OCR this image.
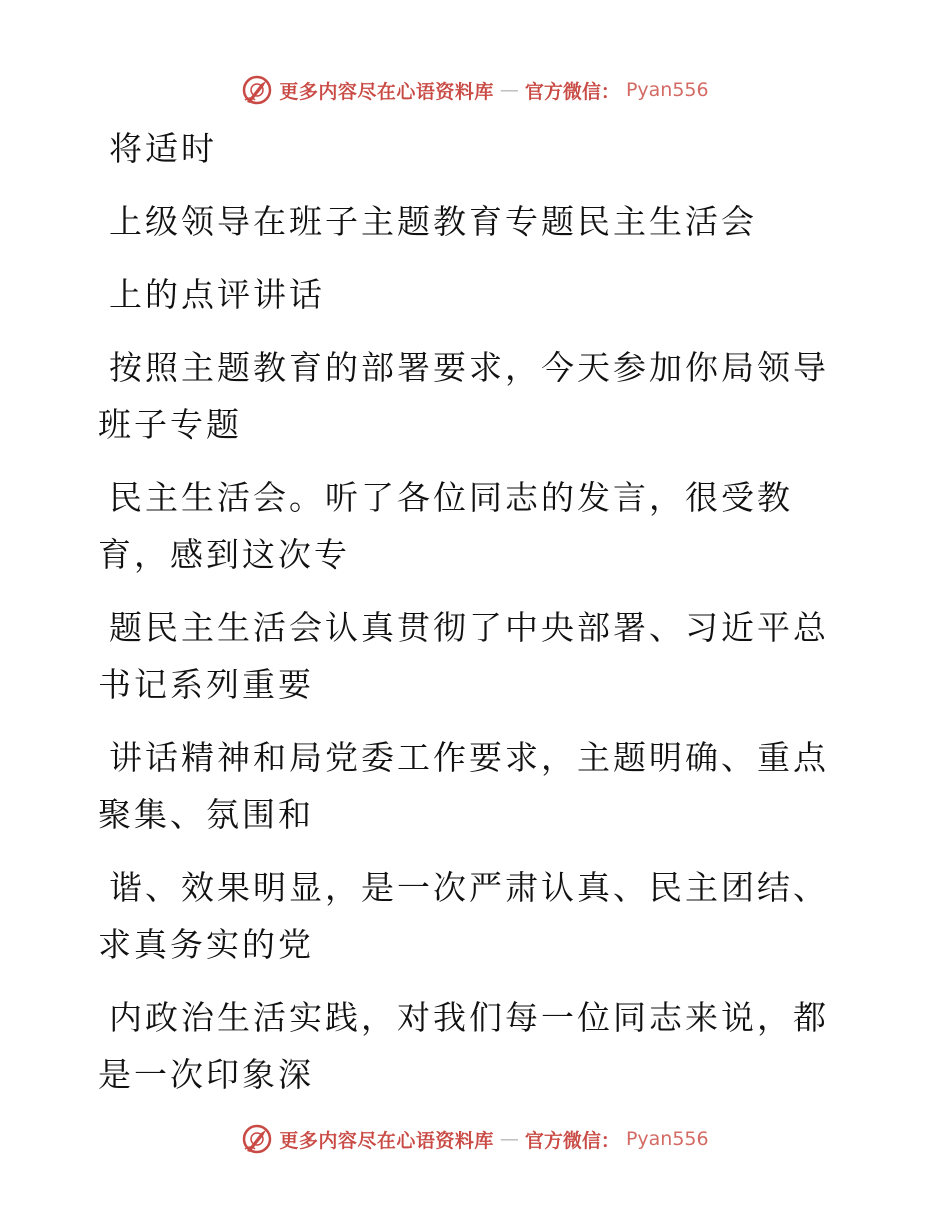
更多内容尽在心语资料库 — 官方微信： Pyan556

将适时

上级领导在班子主题教育专题民主生活会

上的点评讲话

按照主题教育的部署要求，今天参加你局领导班子专题

民主生活会。听了各位同志的发言，很受教育，感到这次专

题民主生活会认真贯彻了中央部署、习近平总书记系列重要

讲话精神和局党委工作要求，主题明确、重点聚集、氛围和

谐、效果明显，是一次严肃认真、民主团结、求真务实的党

内政治生活实践，对我们每一位同志来说，都是一次印象深

更多内容尽在心语资料库 — 官方微信： Pyan556
